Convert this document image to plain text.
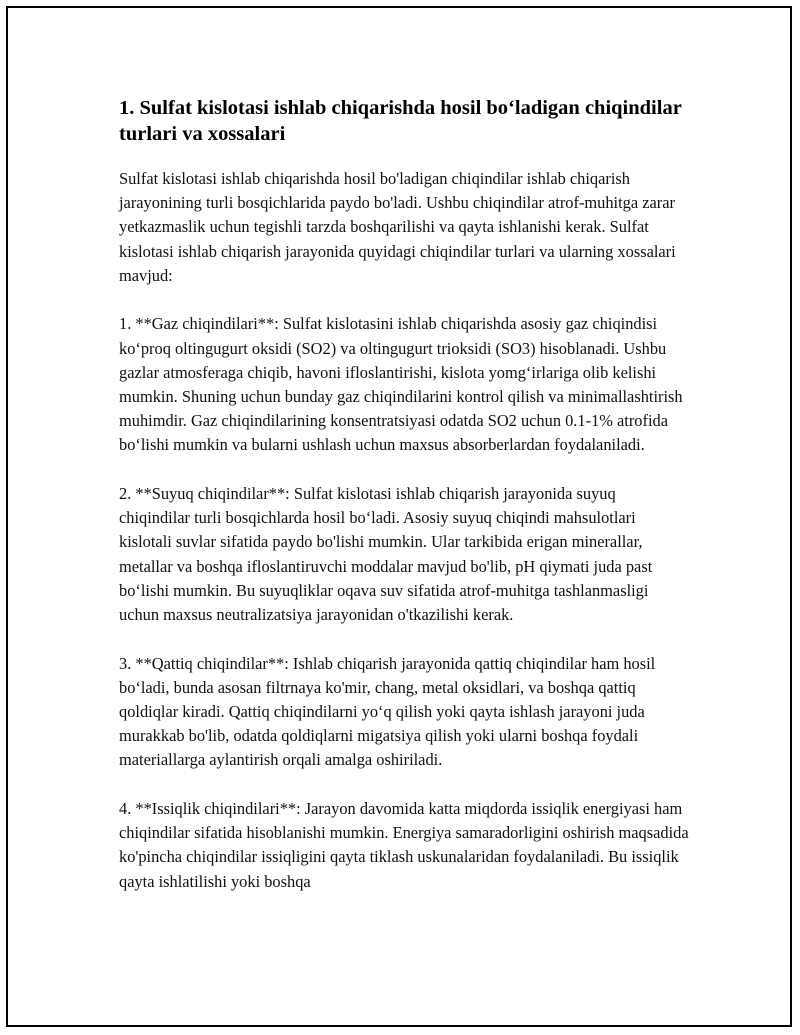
1. Sulfat kislotasi ishlab chiqarishda hosil bo‘ladigan chiqindilar turlari va xossalari

Sulfat kislotasi ishlab chiqarishda hosil bo'ladigan chiqindilar ishlab chiqarish jarayonining turli bosqichlarida paydo bo'ladi. Ushbu chiqindilar atrof-muhitga zarar yetkazmaslik uchun tegishli tarzda boshqarilishi va qayta ishlanishi kerak. Sulfat kislotasi ishlab chiqarish jarayonida quyidagi chiqindilar turlari va ularning xossalari mavjud:

1. **Gaz chiqindilari**: Sulfat kislotasini ishlab chiqarishda asosiy gaz chiqindisi ko‘proq oltingugurt oksidi (SO2) va oltingugurt trioksidi (SO3) hisoblanadi. Ushbu gazlar atmosferaga chiqib, havoni ifloslantirishi, kislota yomg‘irlariga olib kelishi mumkin. Shuning uchun bunday gaz chiqindilarini kontrol qilish va minimallashtirish muhimdir. Gaz chiqindilarining konsentratsiyasi odatda SO2 uchun 0.1-1% atrofida bo‘lishi mumkin va bularni ushlash uchun maxsus absorberlardan foydalaniladi.

2. **Suyuq chiqindilar**: Sulfat kislotasi ishlab chiqarish jarayonida suyuq chiqindilar turli bosqichlarda hosil bo‘ladi. Asosiy suyuq chiqindi mahsulotlari kislotali suvlar sifatida paydo bo'lishi mumkin. Ular tarkibida erigan minerallar, metallar va boshqa ifloslantiruvchi moddalar mavjud bo'lib, pH qiymati juda past bo‘lishi mumkin. Bu suyuqliklar oqava suv sifatida atrof-muhitga tashlanmasligi uchun maxsus neutralizatsiya jarayonidan o'tkazilishi kerak.

3. **Qattiq chiqindilar**: Ishlab chiqarish jarayonida qattiq chiqindilar ham hosil bo‘ladi, bunda asosan filtrnaya ko'mir, chang, metal oksidlari, va boshqa qattiq qoldiqlar kiradi. Qattiq chiqindilarni yo‘q qilish yoki qayta ishlash jarayoni juda murakkab bo'lib, odatda qoldiqlarni migatsiya qilish yoki ularni boshqa foydali materiallarga aylantirish orqali amalga oshiriladi.

4. **Issiqlik chiqindilari**: Jarayon davomida katta miqdorda issiqlik energiyasi ham chiqindilar sifatida hisoblanishi mumkin. Energiya samaradorligini oshirish maqsadida ko'pincha chiqindilar issiqligini qayta tiklash uskunalaridan foydalaniladi. Bu issiqlik qayta ishlatilishi yoki boshqa
